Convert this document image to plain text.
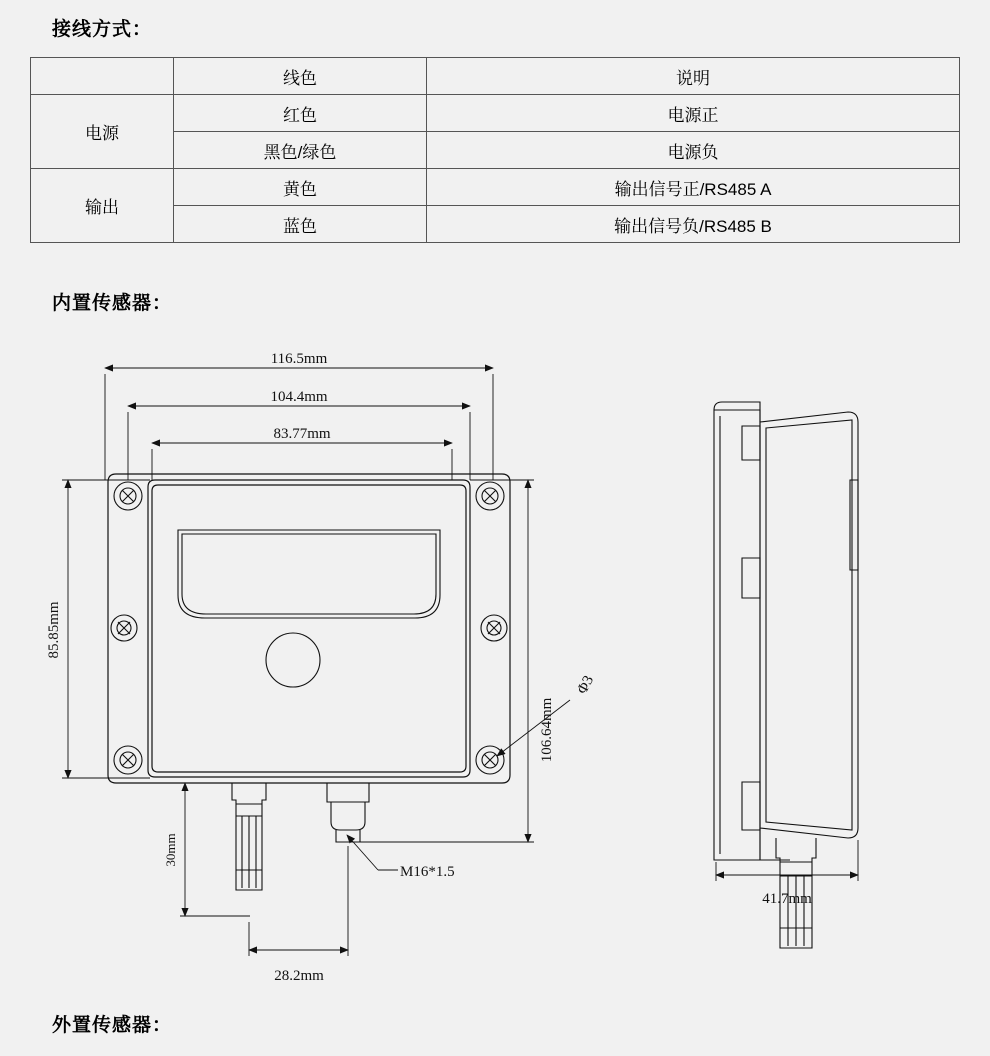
接线方式：
内置传感器：
外置传感器：
	线色	说明
电源	红色	电源正
	黑色/绿色	电源负
输出	黄色	输出信号正/RS485 A
	蓝色	输出信号负/RS485 B
116.5mm
104.4mm
83.77mm
85.85mm
106.64mm
30mm
28.2mm
Φ3
M16*1.5
41.7mm
